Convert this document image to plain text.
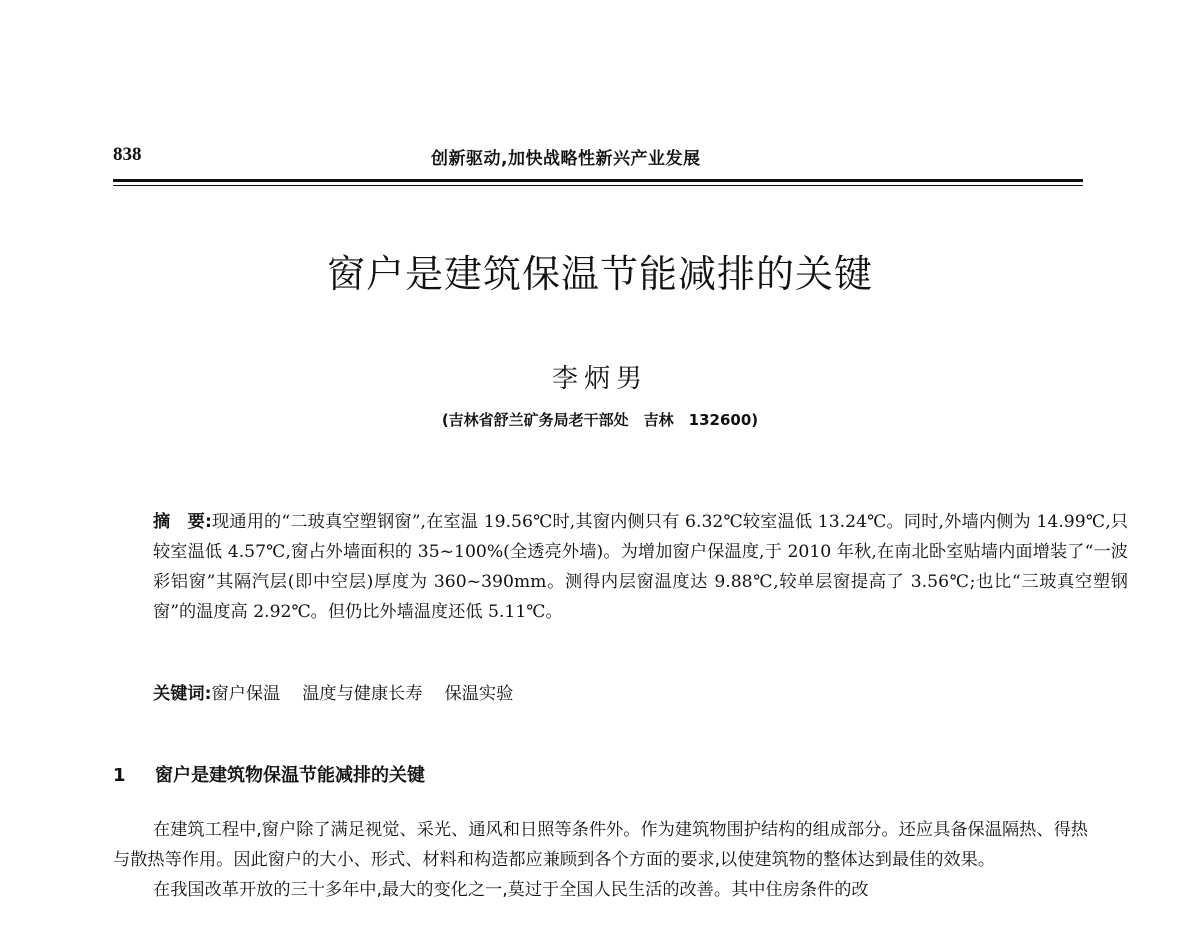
838	创新驱动,加快战略性新兴产业发展
窗户是建筑保温节能减排的关键
李炳男
(吉林省舒兰矿务局老干部处　吉林　132600)
摘　要:现通用的“二玻真空塑钢窗”,在室温 19.56℃时,其窗内侧只有 6.32℃较室温低 13.24℃。同时,外墙内侧为 14.99℃,只较室温低 4.57℃,窗占外墙面积的 35~100%(全透亮外墙)。为增加窗户保温度,于 2010 年秋,在南北卧室贴墙内面增装了“一波彩铝窗”其隔汽层(即中空层)厚度为 360~390mm。测得内层窗温度达 9.88℃,较单层窗提高了 3.56℃;也比“三玻真空塑钢窗”的温度高 2.92℃。但仍比外墙温度还低 5.11℃。
关键词:窗户保温 温度与健康长寿 保温实验
1 窗户是建筑物保温节能减排的关键

在建筑工程中,窗户除了满足视觉、采光、通风和日照等条件外。作为建筑物围护结构的组成部分。还应具备保温隔热、得热与散热等作用。因此窗户的大小、形式、材料和构造都应兼顾到各个方面的要求,以使建筑物的整体达到最佳的效果。

在我国改革开放的三十多年中,最大的变化之一,莫过于全国人民生活的改善。其中住房条件的改
